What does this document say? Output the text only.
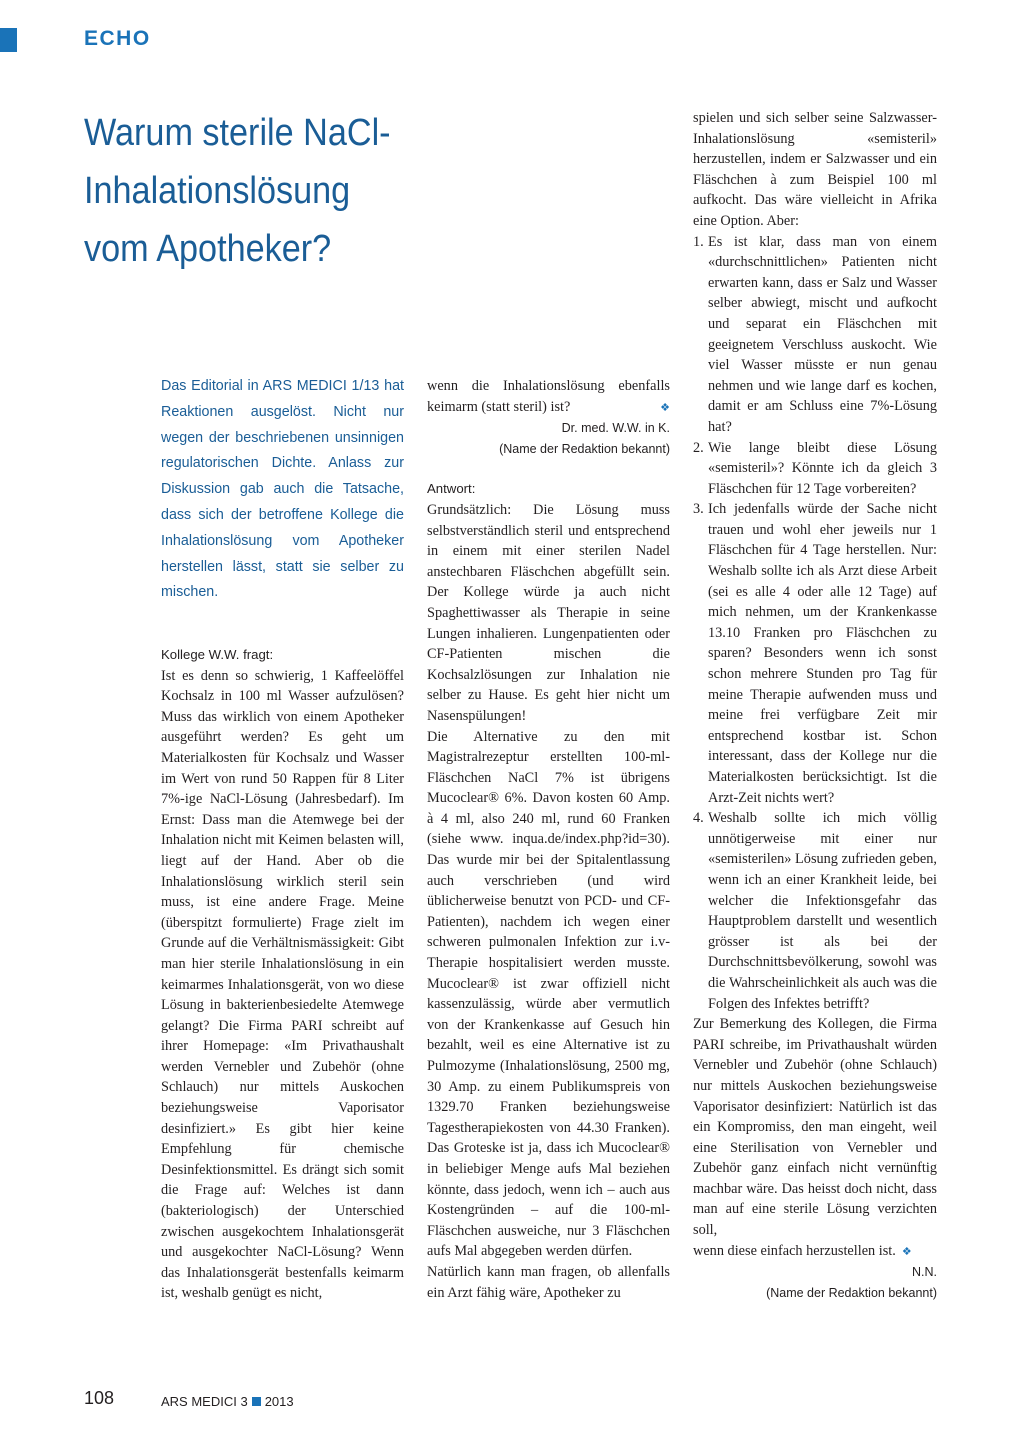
ECHO
Warum sterile NaCl-Inhalationslösung
vom Apotheker?
Das Editorial in ARS MEDICI 1/13 hat Reaktionen ausgelöst. Nicht nur wegen der beschriebenen unsinnigen regulatorischen Dichte. Anlass zur Diskussion gab auch die Tatsache, dass sich der betroffene Kollege die Inhalationslösung vom Apotheker herstellen lässt, statt sie selber zu mischen.
Kollege W.W. fragt:

Ist es denn so schwierig, 1 Kaffeelöffel Kochsalz in 100 ml Wasser aufzulösen? Muss das wirklich von einem Apotheker ausgeführt werden? Es geht um Materialkosten für Kochsalz und Wasser im Wert von rund 50 Rappen für 8 Liter 7%-ige NaCl-Lösung (Jahresbedarf). Im Ernst: Dass man die Atemwege bei der Inhalation nicht mit Keimen belasten will, liegt auf der Hand. Aber ob die Inhalationslösung wirklich steril sein muss, ist eine andere Frage. Meine (überspitzt formulierte) Frage zielt im Grunde auf die Verhältnismässigkeit: Gibt man hier sterile Inhalationslösung in ein keimarmes Inhalationsgerät, von wo diese Lösung in bakterienbesiedelte Atemwege gelangt? Die Firma PARI schreibt auf ihrer Homepage: «Im Privathaushalt werden Vernebler und Zubehör (ohne Schlauch) nur mittels Auskochen beziehungsweise Vaporisator desinfiziert.» Es gibt hier keine Empfehlung für chemische Desinfektionsmittel. Es drängt sich somit die Frage auf: Welches ist dann (bakteriologisch) der Unterschied zwischen ausgekochtem Inhalationsgerät und ausgekochter NaCl-Lösung? Wenn das Inhalationsgerät bestenfalls keimarm ist, weshalb genügt es nicht,

wenn die Inhalationslösung ebenfalls keimarm (statt steril) ist?	❖
Dr. med. W.W. in K.
(Name der Redaktion bekannt)
Antwort:

Grundsätzlich: Die Lösung muss selbstverständlich steril und entsprechend in einem mit einer sterilen Nadel anstechbaren Fläschchen abgefüllt sein. Der Kollege würde ja auch nicht Spaghettiwasser als Therapie in seine Lungen inhalieren. Lungenpatienten oder CF-Patienten mischen die Kochsalzlösungen zur Inhalation nie selber zu Hause. Es geht hier nicht um Nasenspülungen!

Die Alternative zu den mit Magistralrezeptur erstellten 100-ml-Fläschchen NaCl 7% ist übrigens Mucoclear® 6%. Davon kosten 60 Amp. à 4 ml, also 240 ml, rund 60 Franken (siehe www. inqua.de/index.php?id=30). Das wurde mir bei der Spitalentlassung auch verschrieben (und wird üblicherweise benutzt von PCD- und CF-Patienten), nachdem ich wegen einer schweren pulmonalen Infektion zur i.v-Therapie hospitalisiert werden musste. Mucoclear® ist zwar offiziell nicht kassenzulässig, würde aber vermutlich von der Krankenkasse auf Gesuch hin bezahlt, weil es eine Alternative ist zu Pulmozyme (Inhalationslösung, 2500 mg, 30 Amp. zu einem Publikumspreis von 1329.70 Franken beziehungsweise Tagestherapiekosten von 44.30 Franken). Das Groteske ist ja, dass ich Mucoclear® in beliebiger Menge aufs Mal beziehen könnte, dass jedoch, wenn ich – auch aus Kostengründen – auf die 100-ml-Fläschchen ausweiche, nur 3 Fläschchen aufs Mal abgegeben werden dürfen.

Natürlich kann man fragen, ob allenfalls ein Arzt fähig wäre, Apotheker zu

spielen und sich selber seine Salzwasser-Inhalationslösung «semisteril» herzustellen, indem er Salzwasser und ein Fläschchen à zum Beispiel 100 ml aufkocht. Das wäre vielleicht in Afrika eine Option. Aber:

1. Es ist klar, dass man von einem «durchschnittlichen» Patienten nicht erwarten kann, dass er Salz und Wasser selber abwiegt, mischt und aufkocht und separat ein Fläschchen mit geeignetem Verschluss auskocht. Wie viel Wasser müsste er nun genau nehmen und wie lange darf es kochen, damit er am Schluss eine 7%-Lösung hat?
2. Wie lange bleibt diese Lösung «semisteril»? Könnte ich da gleich 3 Fläschchen für 12 Tage vorbereiten?
3. Ich jedenfalls würde der Sache nicht trauen und wohl eher jeweils nur 1 Fläschchen für 4 Tage herstellen. Nur: Weshalb sollte ich als Arzt diese Arbeit (sei es alle 4 oder alle 12 Tage) auf mich nehmen, um der Krankenkasse 13.10 Franken pro Fläschchen zu sparen? Besonders wenn ich sonst schon mehrere Stunden pro Tag für meine Therapie aufwenden muss und meine frei verfügbare Zeit mir entsprechend kostbar ist. Schon interessant, dass der Kollege nur die Materialkosten berücksichtigt. Ist die Arzt-Zeit nichts wert?
4. Weshalb sollte ich mich völlig unnötigerweise mit einer nur «semisterilen» Lösung zufrieden geben, wenn ich an einer Krankheit leide, bei welcher die Infektionsgefahr das Hauptproblem darstellt und wesentlich grösser ist als bei der Durchschnittsbevölkerung, sowohl was die Wahrscheinlichkeit als auch was die Folgen des Infektes betrifft?

Zur Bemerkung des Kollegen, die Firma PARI schreibe, im Privathaushalt würden Vernebler und Zubehör (ohne Schlauch) nur mittels Auskochen beziehungsweise Vaporisator desinfiziert: Natürlich ist das ein Kompromiss, den man eingeht, weil eine Sterilisation von Vernebler und Zubehör ganz einfach nicht vernünftig machbar wäre. Das heisst doch nicht, dass man auf eine sterile Lösung verzichten soll,

wenn diese einfach herzustellen ist. ❖
N.N.
(Name der Redaktion bekannt)
108	ARS MEDICI 3 2013
